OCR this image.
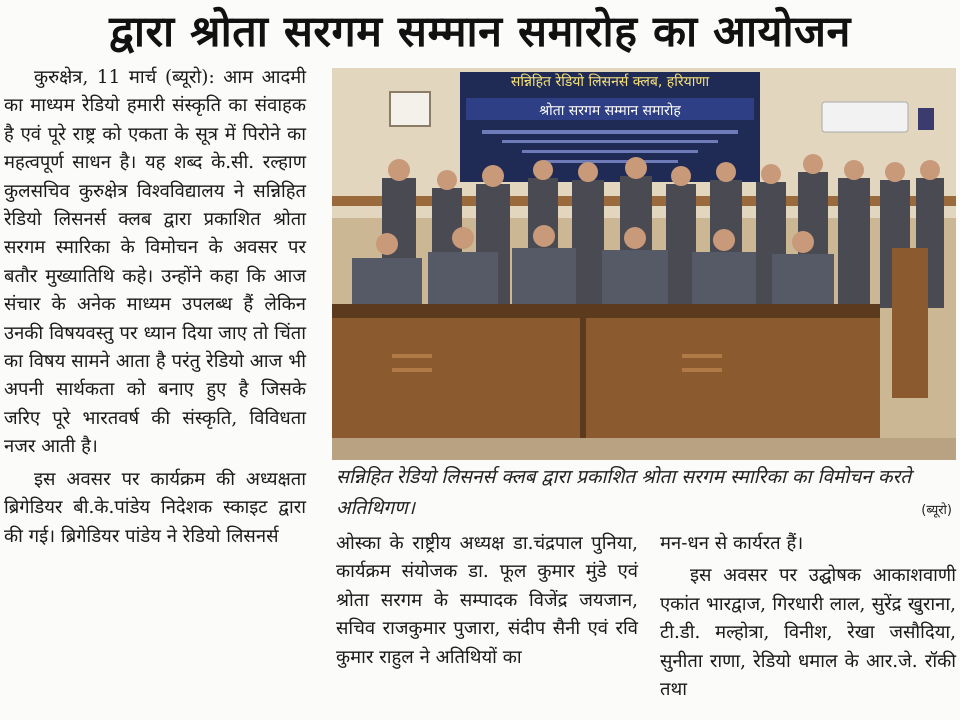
द्वारा श्रोता सरगम सम्मान समारोह का आयोजन

कुरुक्षेत्र, 11 मार्च (ब्यूरो): आम आदमी का माध्यम रेडियो हमारी संस्कृति का संवाहक है एवं पूरे राष्ट्र को एकता के सूत्र में पिरोने का महत्वपूर्ण साधन है। यह शब्द के.सी. रल्हाण कुलसचिव कुरुक्षेत्र विश्वविद्यालय ने सन्निहित रेडियो लिसनर्स क्लब द्वारा प्रकाशित श्रोता सरगम स्मारिका के विमोचन के अवसर पर बतौर मुख्यातिथि कहे। उन्होंने कहा कि आज संचार के अनेक माध्यम उपलब्ध हैं लेकिन उनकी विषयवस्तु पर ध्यान दिया जाए तो चिंता का विषय सामने आता है परंतु रेडियो आज भी अपनी सार्थकता को बनाए हुए है जिसके जरिए पूरे भारतवर्ष की संस्कृति, विविधता नजर आती है।

इस अवसर पर कार्यक्रम की अध्यक्षता ब्रिगेडियर बी.के.पांडेय निदेशक स्काइट द्वारा की गई। ब्रिगेडियर पांडेय ने रेडियो लिसनर्स

सन्निहित रेडियो लिसनर्स क्लब, हरियाणा
श्रोता सरगम सम्मान समारोह
सन्निहित रेडियो लिसनर्स क्लब द्वारा प्रकाशित श्रोता सरगम स्मारिका का विमोचन करते अतिथिगण।	(ब्यूरो)

ओस्का के राष्ट्रीय अध्यक्ष डा.चंद्रपाल पुनिया, कार्यक्रम संयोजक डा. फूल कुमार मुंडे एवं श्रोता सरगम के सम्पादक विजेंद्र जयजान, सचिव राजकुमार पुजारा, संदीप सैनी एवं रवि कुमार राहुल ने अतिथियों का

मन-धन से कार्यरत हैं।

इस अवसर पर उद्घोषक आकाशवाणी एकांत भारद्वाज, गिरधारी लाल, सुरेंद्र खुराना, टी.डी. मल्होत्रा, विनीश, रेखा जसौदिया, सुनीता राणा, रेडियो धमाल के आर.जे. रॉकी तथा
